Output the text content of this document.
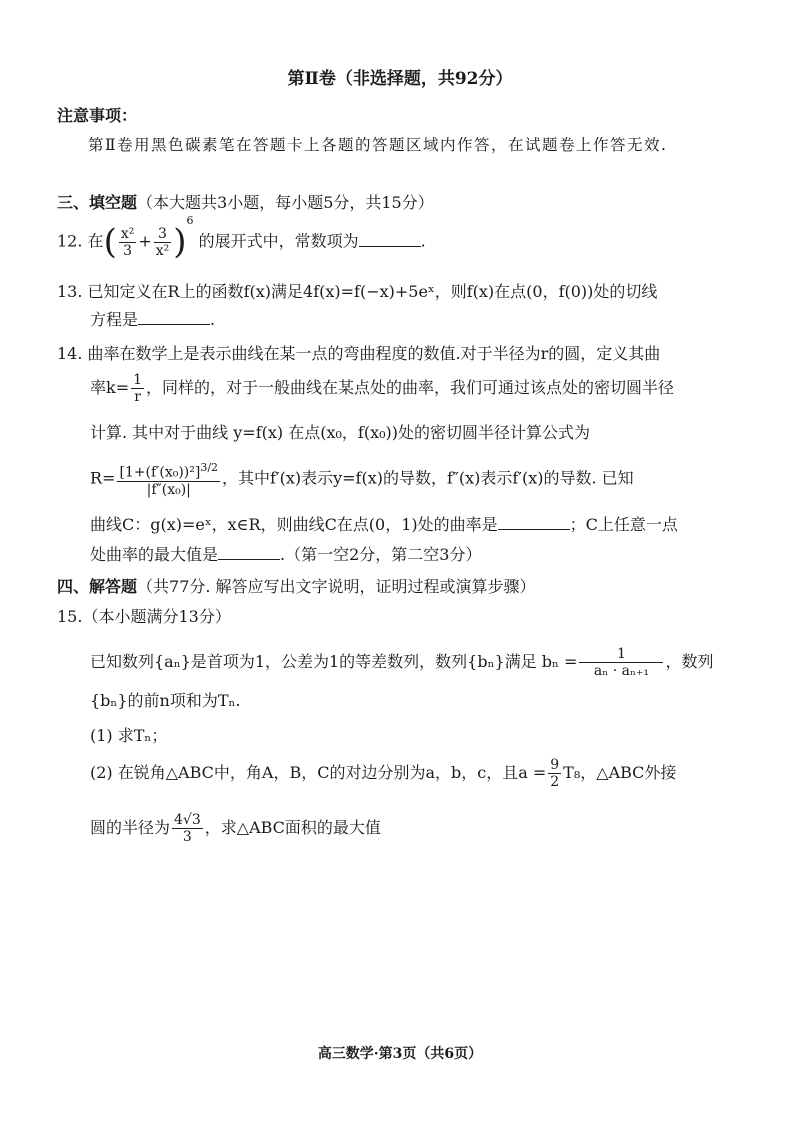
第Ⅱ卷（非选择题，共92分）
注意事项：
第Ⅱ卷用黑色碳素笔在答题卡上各题的答题区域内作答，在试题卷上作答无效.
三、填空题（本大题共3小题，每小题5分，共15分）
12. 在( $\frac{\text{x²}}{3} + \frac{3}{\text{x²}} )^6$ 的展开式中，常数项为	.
13. 已知定义在R上的函数f(x)满足4f(x)=f(−x)+5eˣ，则f(x)在点(0，f(0))处的切线
方程是	.
14. 曲率在数学上是表示曲线在某一点的弯曲程度的数值.对于半径为r的圆，定义其曲
率$k= \frac{1}{r}$ ，同样的，对于一般曲线在某点处的曲率，我们可通过该点处的密切圆半径
计算. 其中对于曲线 y=f(x) 在点(x₀，f(x₀))处的密切圆半径计算公式为
$R= \frac{[1+(f'(x_0))^2]^{3/2}}{\text{|f″(x₀)|}}$ ，其中f′(x)表示y=f(x)的导数，f″(x)表示f′(x)的导数. 已知
曲线C：g(x)=eˣ，x∈R，则曲线C在点(0，1)处的曲率是	；C上任意一点
处曲率的最大值是	.（第一空2分，第二空3分）
四、解答题（共77分. 解答应写出文字说明，证明过程或演算步骤）
15.（本小题满分13分）
已知数列{aₙ}是首项为1，公差为1的等差数列，数列{bₙ}满足 $b_n = \frac{1}{\text{aₙ · aₙ₊₁}}$ ，数列
{bₙ}的前n项和为Tₙ.
(1) 求Tₙ；
(2) 在锐角△ABC中，角A，B，C的对边分别为a，b，c，且$a = \frac{9}{2} T_8$，△ABC外接
圆的半径为 $\frac{4√3}{3}$ ，求△ABC面积的最大值
高三数学·第3页（共6页）
